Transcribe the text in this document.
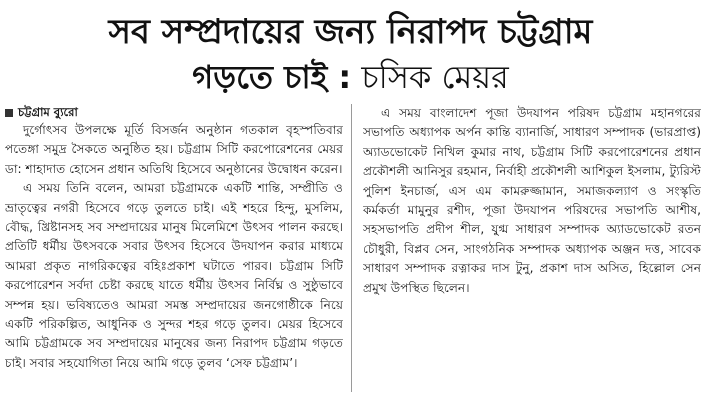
সব সম্প্রদায়ের জন্য নিরাপদ চট্টগ্রাম
গড়তে চাই : চসিক মেয়র
চট্টগ্রাম ব্যুরো

দুর্গোৎসব উপলক্ষে মূর্তি বিসর্জন অনুষ্ঠান গতকাল বৃহস্পতিবার পতেঙ্গা সমুদ্র সৈকতে অনুষ্ঠিত হয়। চট্টগ্রাম সিটি করপোরেশনের মেয়র ডা: শাহাদাত হোসেন প্রধান অতিথি হিসেবে অনুষ্ঠানের উদ্বোধন করেন।

এ সময় তিনি বলেন, আমরা চট্টগ্রামকে একটি শান্তি, সম্প্রীতি ও ভ্রাতৃত্বের নগরী হিসেবে গড়ে তুলতে চাই। এই শহরে হিন্দু, মুসলিম, বৌদ্ধ, খ্রিষ্টানসহ সব সম্প্রদায়ের মানুষ মিলেমিশে উৎসব পালন করছে। প্রতিটি ধর্মীয় উৎসবকে সবার উৎসব হিসেবে উদযাপন করার মাধ্যমে আমরা প্রকৃত নাগরিকত্বের বহিঃপ্রকাশ ঘটাতে পারব। চট্টগ্রাম সিটি করপোরেশন সর্বদা চেষ্টা করছে যাতে ধর্মীয় উৎসব নির্বিঘ্ন ও সুষ্ঠুভাবে সম্পন্ন হয়। ভবিষ্যতেও আমরা সমস্ত সম্প্রদায়ের জনগোষ্ঠীকে নিয়ে একটি পরিকল্পিত, আধুনিক ও সুন্দর শহর গড়ে তুলব। মেয়র হিসেবে আমি চট্টগ্রামকে সব সম্প্রদায়ের মানুষের জন্য নিরাপদ চট্টগ্রাম গড়তে চাই। সবার সহযোগিতা নিয়ে আমি গড়ে তুলব ‘সেফ চট্টগ্রাম’।

এ সময় বাংলাদেশ পূজা উদযাপন পরিষদ চট্টগ্রাম মহানগরের সভাপতি অধ্যাপক অর্পন কান্তি ব্যানার্জি, সাধারণ সম্পাদক (ভারপ্রাপ্ত) অ্যাডভোকেট নিখিল কুমার নাথ, চট্টগ্রাম সিটি করপোরেশনের প্রধান প্রকৌশলী আনিসুর রহমান, নির্বাহী প্রকৌশলী আশিকুল ইসলাম, ট্যুরিস্ট পুলিশ ইনচার্জ, এস এম কামরুজ্জামান, সমাজকল্যাণ ও সংস্কৃতি কর্মকর্তা মামুনুর রশীদ, পূজা উদযাপন পরিষদের সভাপতি আশীষ, সহসভাপতি প্রদীপ শীল, যুগ্ম সাধারণ সম্পাদক অ্যাডভোকেট রতন চৌধুরী, বিপ্লব সেন, সাংগঠনিক সম্পাদক অধ্যাপক অঞ্জন দত্ত, সাবেক সাধারণ সম্পাদক রত্নাকর দাস টুনু, প্রকাশ দাস অসিত, হিল্লোল সেন প্রমুখ উপস্থিত ছিলেন।
